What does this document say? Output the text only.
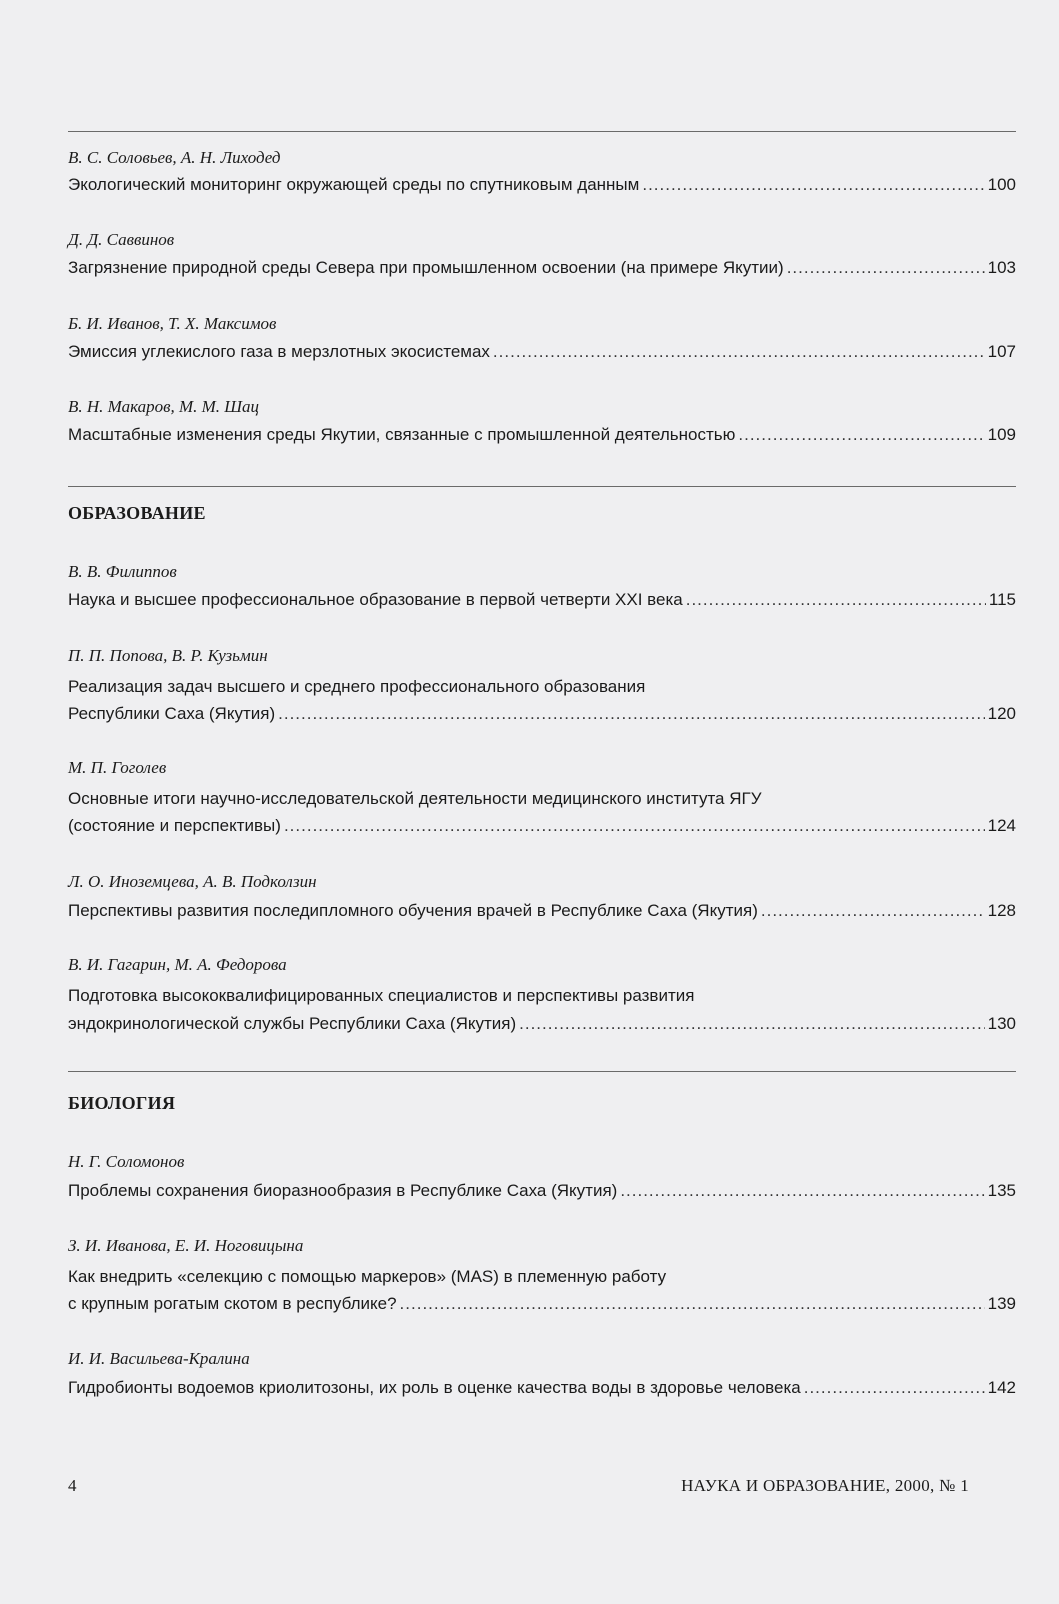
В. С. Соловьев, А. Н. Лиходед
Экологический мониторинг окружающей среды по спутниковым данным .....	100
Д. Д. Саввинов
Загрязнение природной среды Севера при промышленном освоении (на примере Якутии) .....	103
Б. И. Иванов, Т. Х. Максимов
Эмиссия углекислого газа в мерзлотных экосистемах .....	107
В. Н. Макаров, М. М. Шац
Масштабные изменения среды Якутии, связанные с промышленной деятельностью .....	109
ОБРАЗОВАНИЕ
В. В. Филиппов
Наука и высшее профессиональное образование в первой четверти XXI века .....	115
П. П. Попова, В. Р. Кузьмин
Реализация задач высшего и среднего профессионального образования
Республики Саха (Якутия) .....	120
М. П. Гоголев
Основные итоги научно-исследовательской деятельности медицинского института ЯГУ
(состояние и перспективы) .....	124
Л. О. Иноземцева, А. В. Подколзин
Перспективы развития последипломного обучения врачей в Республике Саха (Якутия) .....	128
В. И. Гагарин, М. А. Федорова
Подготовка высококвалифицированных специалистов и перспективы развития
эндокринологической службы Республики Саха (Якутия) .....	130
БИОЛОГИЯ
Н. Г. Соломонов
Проблемы сохранения биоразнообразия в Республике Саха (Якутия) .....	135
З. И. Иванова, Е. И. Ноговицына
Как внедрить «селекцию с помощью маркеров» (MAS) в племенную работу
с крупным рогатым скотом в республике? .....	139
И. И. Васильева-Кралина
Гидробионты водоемов криолитозоны, их роль в оценке качества воды в здоровье человека .....	142
4	НАУКА И ОБРАЗОВАНИЕ, 2000, № 1
